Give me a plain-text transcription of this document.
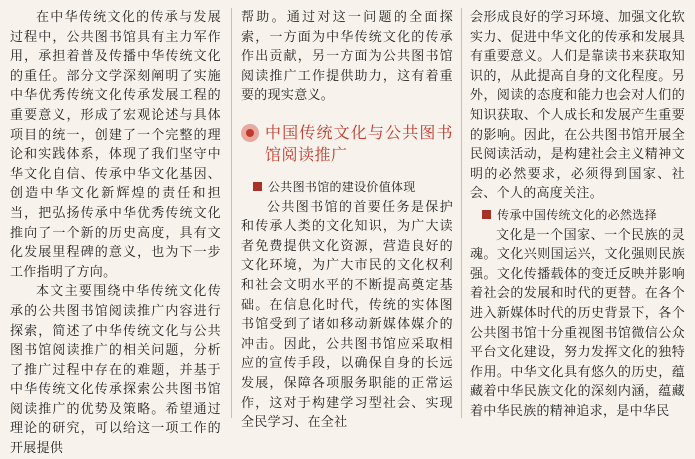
在中华传统文化的传承与发展过程中，公共图书馆具有主力军作用，承担着普及传播中华传统文化的重任。部分文学深刻阐明了实施中华优秀传统文化传承发展工程的重要意义，形成了宏观论述与具体项目的统一，创建了一个完整的理论和实践体系，体现了我们坚守中华文化自信、传承中华文化基因、创造中华文化新辉煌的责任和担当，把弘扬传承中华优秀传统文化推向了一个新的历史高度，具有文化发展里程碑的意义，也为下一步工作指明了方向。

本文主要围绕中华传统文化传承的公共图书馆阅读推广内容进行探索，简述了中华传统文化与公共图书馆阅读推广的相关问题，分析了推广过程中存在的难题，并基于中华传统文化传承探索公共图书馆阅读推广的优势及策略。希望通过理论的研究，可以给这一项工作的开展提供

帮助。通过对这一问题的全面探索，一方面为中华传统文化的传承作出贡献，另一方面为公共图书馆阅读推广工作提供助力，这有着重要的现实意义。

中国传统文化与公共图书馆阅读推广
公共图书馆的建设价值体现

公共图书馆的首要任务是保护和传承人类的文化知识，为广大读者免费提供文化资源，营造良好的文化环境，为广大市民的文化权利和社会文明水平的不断提高奠定基础。在信息化时代，传统的实体图书馆受到了诸如移动新媒体媒介的冲击。因此，公共图书馆应采取相应的宣传手段，以确保自身的长远发展，保障各项服务职能的正常运作，这对于构建学习型社会、实现全民学习、在全社

会形成良好的学习环境、加强文化软实力、促进中华文化的传承和发展具有重要意义。人们是靠读书来获取知识的，从此提高自身的文化程度。另外，阅读的态度和能力也会对人们的知识获取、个人成长和发展产生重要的影响。因此，在公共图书馆开展全民阅读活动，是构建社会主义精神文明的必然要求，必须得到国家、社会、个人的高度关注。

传承中国传统文化的必然选择

文化是一个国家、一个民族的灵魂。文化兴则国运兴，文化强则民族强。文化传播载体的变迁反映并影响着社会的发展和时代的更替。在各个进入新媒体时代的历史背景下，各个公共图书馆十分重视图书馆微信公众平台文化建设，努力发挥文化的独特作用。中华文化具有悠久的历史，蕴藏着中华民族文化的深刻内涵，蕴藏着中华民族的精神追求，是中华民
